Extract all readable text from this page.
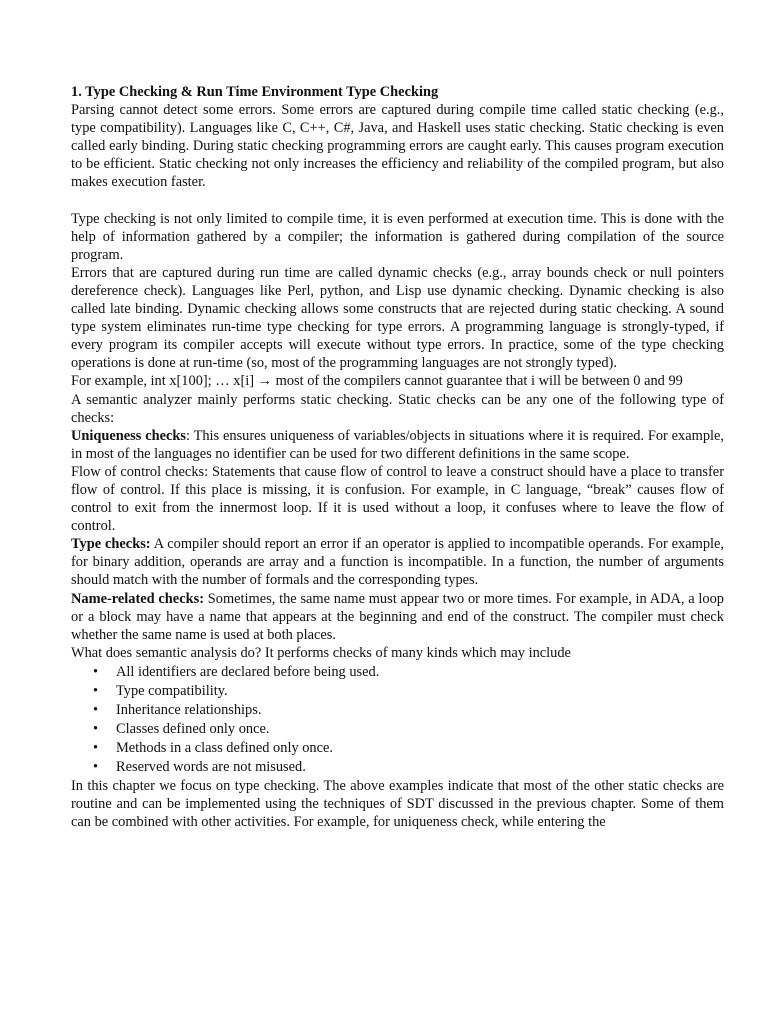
1. Type Checking & Run Time Environment Type Checking

Parsing cannot detect some errors. Some errors are captured during compile time called static checking (e.g., type compatibility). Languages like C, C++, C#, Java, and Haskell uses static checking. Static checking is even called early binding. During static checking programming errors are caught early. This causes program execution to be efficient. Static checking not only increases the efficiency and reliability of the compiled program, but also makes execution faster.

Type checking is not only limited to compile time, it is even performed at execution time. This is done with the help of information gathered by a compiler; the information is gathered during compilation of the source program.

Errors that are captured during run time are called dynamic checks (e.g., array bounds check or null pointers dereference check). Languages like Perl, python, and Lisp use dynamic checking. Dynamic checking is also called late binding. Dynamic checking allows some constructs that are rejected during static checking. A sound type system eliminates run-time type checking for type errors. A programming language is strongly-typed, if every program its compiler accepts will execute without type errors. In practice, some of the type checking operations is done at run-time (so, most of the programming languages are not strongly typed).

For example, int x[100]; … x[i] → most of the compilers cannot guarantee that i will be between 0 and 99

A semantic analyzer mainly performs static checking. Static checks can be any one of the following type of checks:

Uniqueness checks: This ensures uniqueness of variables/objects in situations where it is required. For example, in most of the languages no identifier can be used for two different definitions in the same scope.

Flow of control checks: Statements that cause flow of control to leave a construct should have a place to transfer flow of control. If this place is missing, it is confusion. For example, in C language, “break” causes flow of control to exit from the innermost loop. If it is used without a loop, it confuses where to leave the flow of control.

Type checks: A compiler should report an error if an operator is applied to incompatible operands. For example, for binary addition, operands are array and a function is incompatible. In a function, the number of arguments should match with the number of formals and the corresponding types.

Name-related checks: Sometimes, the same name must appear two or more times. For example, in ADA, a loop or a block may have a name that appears at the beginning and end of the construct. The compiler must check whether the same name is used at both places.

What does semantic analysis do? It performs checks of many kinds which may include

• All identifiers are declared before being used.
• Type compatibility.
• Inheritance relationships.
• Classes defined only once.
• Methods in a class defined only once.
• Reserved words are not misused.

In this chapter we focus on type checking. The above examples indicate that most of the other static checks are routine and can be implemented using the techniques of SDT discussed in the previous chapter. Some of them can be combined with other activities. For example, for uniqueness check, while entering the
